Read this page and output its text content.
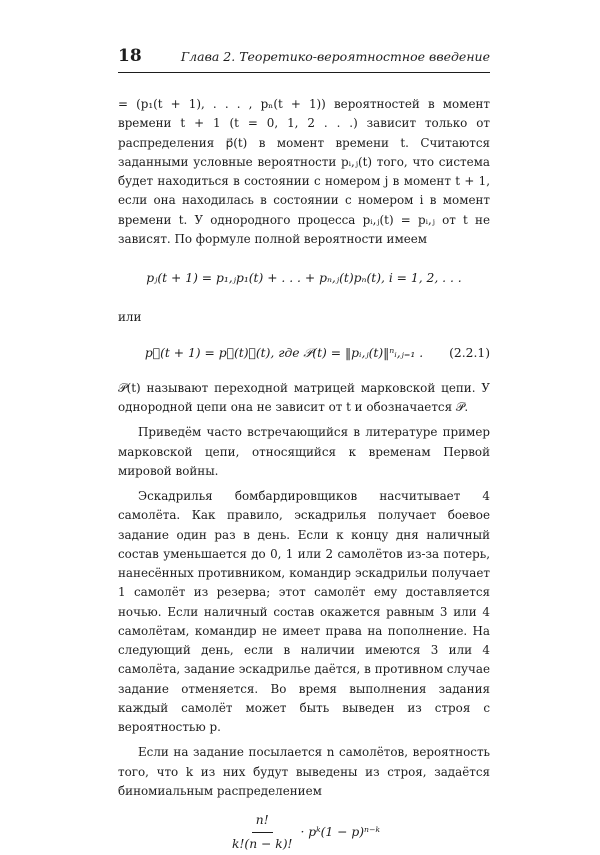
18	Глава 2. Теоретико-вероятностное введение

= (p₁(t + 1), . . . , pₙ(t + 1)) вероятностей в момент времени t + 1 (t = 0, 1, 2 . . .) зависит только от распределения p⃗(t) в момент времени t. Считаются заданными условные вероятности pᵢ,ⱼ(t) того, что система будет находиться в состоянии с номером j в момент t + 1, если она находилась в состоянии с номером i в момент времени t. У однородного процесса pᵢ,ⱼ(t) = pᵢ,ⱼ от t не зависят. По формуле полной вероятности имеем

pⱼ(t + 1) = p₁,ⱼp₁(t) + . . . + pₙ,ⱼ(t)pₙ(t), i = 1, 2, . . .

или

p⃗(t + 1) = p⃗(t)𝒫(t), где 𝒫(t) = ‖pᵢ,ⱼ(t)‖ⁿᵢ,ⱼ₌₁ .	(2.2.1)

𝒫(t) называют переходной матрицей марковской цепи. У однородной цепи она не зависит от t и обозначается 𝒫.

Приведём часто встречающийся в литературе пример марковской цепи, относящийся к временам Первой мировой войны.

Эскадрилья бомбардировщиков насчитывает 4 самолёта. Как правило, эскадрилья получает боевое задание один раз в день. Если к концу дня наличный состав уменьшается до 0, 1 или 2 самолётов из-за потерь, нанесённых противником, командир эскадрильи получает 1 самолёт из резерва; этот самолёт ему доставляется ночью. Если наличный состав окажется равным 3 или 4 самолётам, командир не имеет права на пополнение. На следующий день, если в наличии имеются 3 или 4 самолёта, задание эскадрилье даётся, в противном случае задание отменяется. Во время выполнения задания каждый самолёт может быть выведен из строя с вероятностью p.

Если на задание посылается n самолётов, вероятность того, что k из них будут выведены из строя, задаётся биномиальным распределением

$\frac{n!}{k!(n - k)!}$ · pᵏ(1 − p)ⁿ⁻ᵏ
